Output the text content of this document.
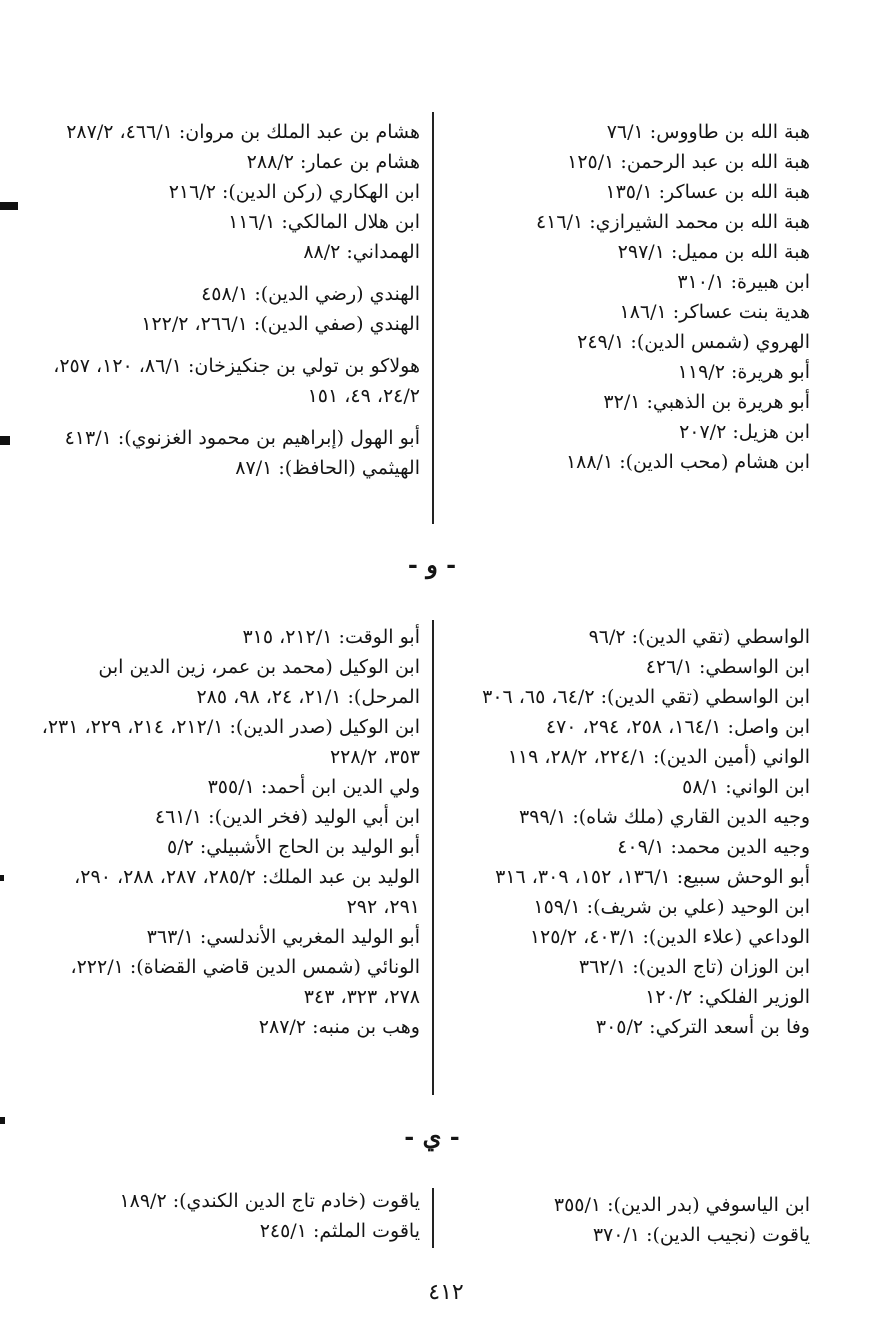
هبة الله بن طاووس: ٧٦/١
هبة الله بن عبد الرحمن: ١٢٥/١
هبة الله بن عساكر: ١٣٥/١
هبة الله بن محمد الشيرازي: ٤١٦/١
هبة الله بن مميل: ٢٩٧/١
ابن هبيرة: ٣١٠/١
هدية بنت عساكر: ١٨٦/١
الهروي (شمس الدين): ٢٤٩/١
أبو هريرة: ١١٩/٢
أبو هريرة بن الذهبي: ٣٢/١
ابن هزيل: ٢٠٧/٢
ابن هشام (محب الدين): ١٨٨/١
هشام بن عبد الملك بن مروان: ٤٦٦/١، ٢٨٧/٢
هشام بن عمار: ٢٨٨/٢
ابن الهكاري (ركن الدين): ٢١٦/٢
ابن هلال المالكي: ١١٦/١
الهمداني: ٨٨/٢
الهندي (رضي الدين): ٤٥٨/١
الهندي (صفي الدين): ٢٦٦/١، ١٢٢/٢
هولاكو بن تولي بن جنكيزخان: ٨٦/١، ١٢٠، ٢٥٧، ٢٤/٢، ٤٩، ١٥١
أبو الهول (إبراهيم بن محمود الغزنوي): ٤١٣/١
الهيثمي (الحافظ): ٨٧/١
- و -
الواسطي (تقي الدين): ٩٦/٢
ابن الواسطي: ٤٢٦/١
ابن الواسطي (تقي الدين): ٦٤/٢، ٦٥، ٣٠٦
ابن واصل: ١٦٤/١، ٢٥٨، ٢٩٤، ٤٧٠
الواني (أمين الدين): ٢٢٤/١، ٢٨/٢، ١١٩
ابن الواني: ٥٨/١
وجيه الدين القاري (ملك شاه): ٣٩٩/١
وجيه الدين محمد: ٤٠٩/١
أبو الوحش سبيع: ١٣٦/١، ١٥٢، ٣٠٩، ٣١٦
ابن الوحيد (علي بن شريف): ١٥٩/١
الوداعي (علاء الدين): ٤٠٣/١، ١٢٥/٢
ابن الوزان (تاج الدين): ٣٦٢/١
الوزير الفلكي: ١٢٠/٢
وفا بن أسعد التركي: ٣٠٥/٢
أبو الوقت: ٢١٢/١، ٣١٥
ابن الوكيل (محمد بن عمر، زين الدين ابن المرحل): ٢١/١، ٢٤، ٩٨، ٢٨٥
ابن الوكيل (صدر الدين): ٢١٢/١، ٢١٤، ٢٢٩، ٢٣١، ٣٥٣، ٢٢٨/٢
ولي الدين ابن أحمد: ٣٥٥/١
ابن أبي الوليد (فخر الدين): ٤٦١/١
أبو الوليد بن الحاج الأشبيلي: ٥/٢
الوليد بن عبد الملك: ٢٨٥/٢، ٢٨٧، ٢٨٨، ٢٩٠، ٢٩١، ٢٩٢
أبو الوليد المغربي الأندلسي: ٣٦٣/١
الونائي (شمس الدين قاضي القضاة): ٢٢٢/١، ٢٧٨، ٣٢٣، ٣٤٣
وهب بن منبه: ٢٨٧/٢
- ي -
ابن الياسوفي (بدر الدين): ٣٥٥/١
ياقوت (نجيب الدين): ٣٧٠/١
ياقوت (خادم تاج الدين الكندي): ١٨٩/٢
ياقوت الملثم: ٢٤٥/١
٤١٢
